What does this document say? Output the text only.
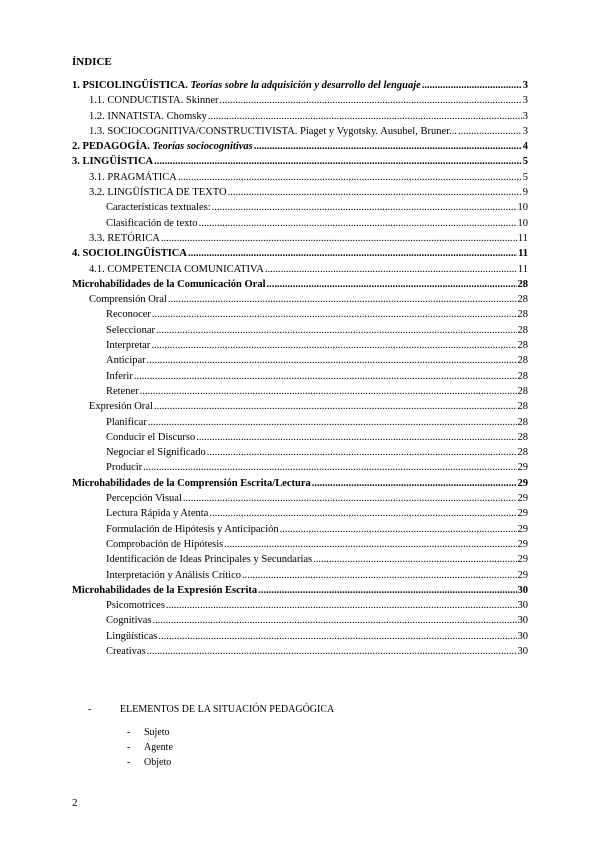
ÍNDICE
1. PSICOLINGÜÍSTICA. Teorías sobre la adquisición y desarrollo del lenguaje .....	3
1.1. CONDUCTISTA. Skinner .....	3
1.2. INNATISTA. Chomsky .....	3
1.3. SOCIOCOGNITIVA/CONSTRUCTIVISTA. Piaget y Vygotsky. Ausubel, Bruner... .....	3
2. PEDAGOGÍA. Teorías sociocognitivas .....	4
3. LINGÜÍSTICA .....	5
3.1. PRAGMÁTICA .....	5
3.2. LINGÜÍSTICA DE TEXTO .....	9
Características textuales: .....	10
Clasificación de texto .....	10
3.3. RETÓRICA .....	11
4. SOCIOLINGÜÍSTICA .....	11
4.1. COMPETENCIA COMUNICATIVA .....	11
Microhabilidades de la Comunicación Oral .....	28
Comprensión Oral .....	28
Reconocer .....	28
Seleccionar .....	28
Interpretar .....	28
Anticipar .....	28
Inferir .....	28
Retener .....	28
Expresión Oral .....	28
Planificar .....	28
Conducir el Discurso .....	28
Negociar el Significado .....	28
Producir .....	29
Microhabilidades de la Comprensión Escrita/Lectura .....	29
Percepción Visual .....	29
Lectura Rápida y Atenta .....	29
Formulación de Hipótesis y Anticipación .....	29
Comprobación de Hipótesis .....	29
Identificación de Ideas Principales y Secundarias .....	29
Interpretación y Análisis Crítico .....	29
Microhabilidades de la Expresión Escrita .....	30
Psicomotrices .....	30
Cognitivas .....	30
Lingüísticas .....	30
Creativas .....	30
-	ELEMENTOS DE LA SITUACIÓN PEDAGÓGICA
-	Sujeto
-	Agente
-	Objeto
2
